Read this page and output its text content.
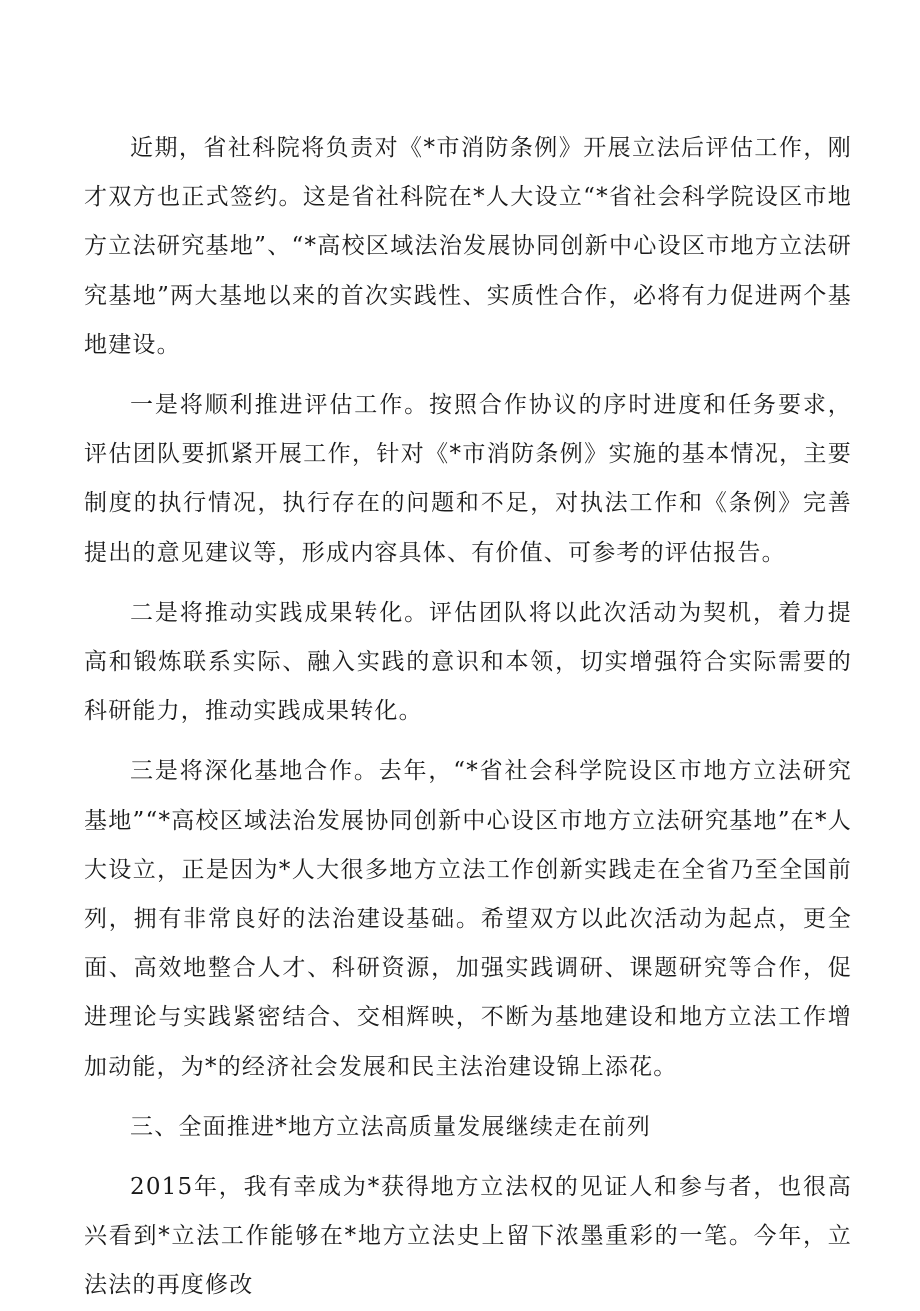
近期，省社科院将负责对《*市消防条例》开展立法后评估工作，刚才双方也正式签约。这是省社科院在*人大设立“*省社会科学院设区市地方立法研究基地”、“*高校区域法治发展协同创新中心设区市地方立法研究基地”两大基地以来的首次实践性、实质性合作，必将有力促进两个基地建设。

一是将顺利推进评估工作。按照合作协议的序时进度和任务要求，评估团队要抓紧开展工作，针对《*市消防条例》实施的基本情况，主要制度的执行情况，执行存在的问题和不足，对执法工作和《条例》完善提出的意见建议等，形成内容具体、有价值、可参考的评估报告。

二是将推动实践成果转化。评估团队将以此次活动为契机，着力提高和锻炼联系实际、融入实践的意识和本领，切实增强符合实际需要的科研能力，推动实践成果转化。

三是将深化基地合作。去年，“*省社会科学院设区市地方立法研究基地”“*高校区域法治发展协同创新中心设区市地方立法研究基地”在*人大设立，正是因为*人大很多地方立法工作创新实践走在全省乃至全国前列，拥有非常良好的法治建设基础。希望双方以此次活动为起点，更全面、高效地整合人才、科研资源，加强实践调研、课题研究等合作，促进理论与实践紧密结合、交相辉映，不断为基地建设和地方立法工作增加动能，为*的经济社会发展和民主法治建设锦上添花。

三、全面推进*地方立法高质量发展继续走在前列

2015年，我有幸成为*获得地方立法权的见证人和参与者，也很高兴看到*立法工作能够在*地方立法史上留下浓墨重彩的一笔。今年，立法法的再度修改
